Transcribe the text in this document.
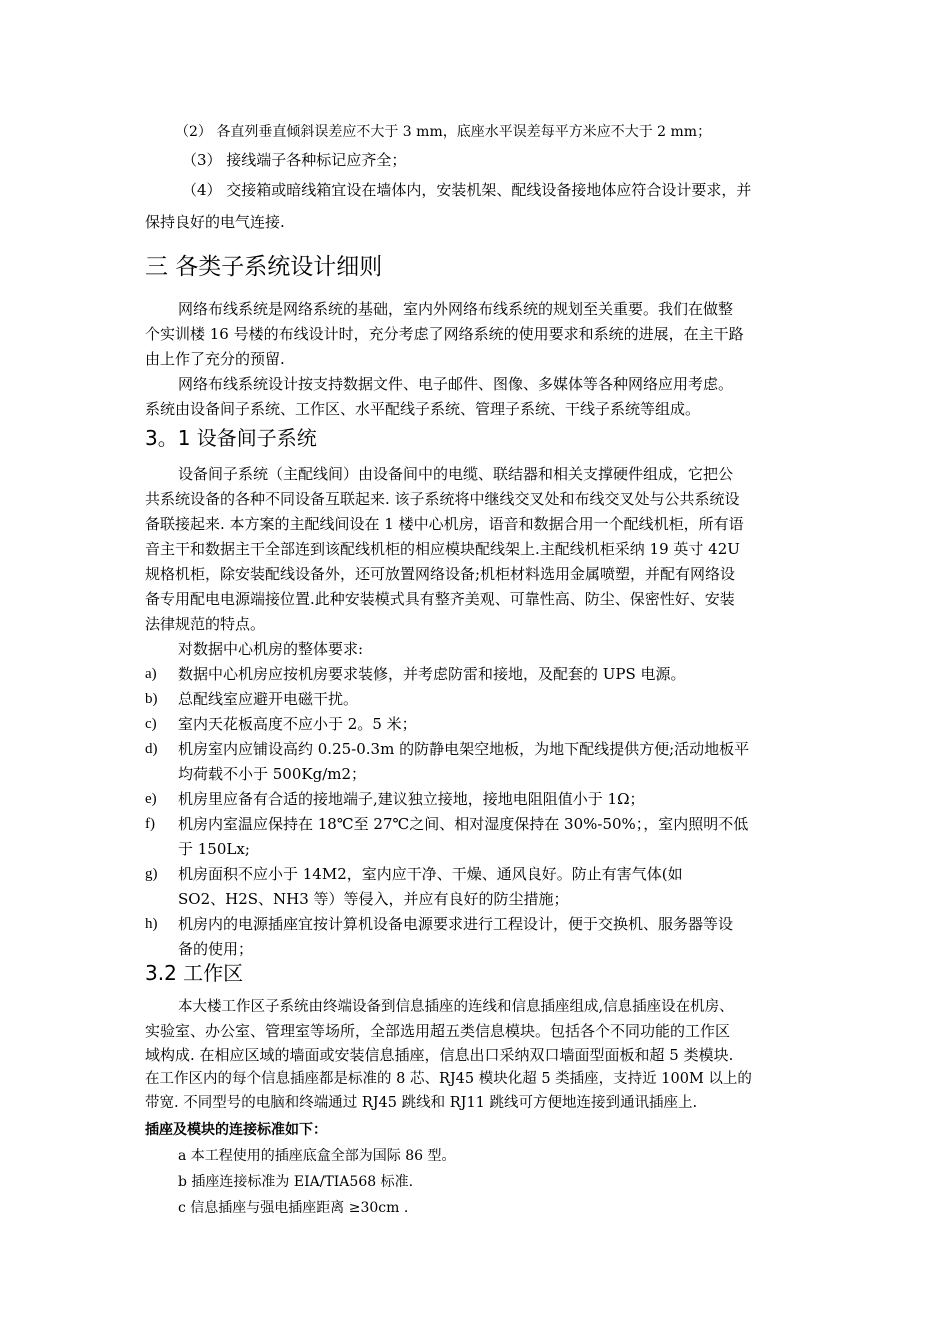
（2） 各直列垂直倾斜误差应不大于 3 mm，底座水平误差每平方米应不大于 2 mm；
（3） 接线端子各种标记应齐全；
（4） 交接箱或暗线箱宜设在墙体内，安装机架、配线设备接地体应符合设计要求，并
保持良好的电气连接.
三 各类子系统设计细则
网络布线系统是网络系统的基础，室内外网络布线系统的规划至关重要。我们在做整
个实训楼 16 号楼的布线设计时，充分考虑了网络系统的使用要求和系统的进展，在主干路
由上作了充分的预留.
网络布线系统设计按支持数据文件、电子邮件、图像、多媒体等各种网络应用考虑。
系统由设备间子系统、工作区、水平配线子系统、管理子系统、干线子系统等组成。
3。1 设备间子系统
设备间子系统（主配线间）由设备间中的电缆、联结器和相关支撑硬件组成，它把公
共系统设备的各种不同设备互联起来. 该子系统将中继线交叉处和布线交叉处与公共系统设
备联接起来. 本方案的主配线间设在 1 楼中心机房，语音和数据合用一个配线机柜，所有语
音主干和数据主干全部连到该配线机柜的相应模块配线架上.主配线机柜采纳 19 英寸 42U
规格机柜，除安装配线设备外，还可放置网络设备;机柜材料选用金属喷塑，并配有网络设
备专用配电电源端接位置.此种安装模式具有整齐美观、可靠性高、防尘、保密性好、安装
法律规范的特点。
对数据中心机房的整体要求:
a) 数据中心机房应按机房要求装修，并考虑防雷和接地，及配套的 UPS 电源。
b) 总配线室应避开电磁干扰。
c) 室内天花板高度不应小于 2。5 米；
d) 机房室内应铺设高约 0.25-0.3m 的防静电架空地板，为地下配线提供方便;活动地板平
均荷载不小于 500Kg/m2；
e) 机房里应备有合适的接地端子,建议独立接地，接地电阻阻值小于 1Ω；
f) 机房内室温应保持在 18℃至 27℃之间、相对湿度保持在 30%-50%；，室内照明不低
于 150Lx;
g) 机房面积不应小于 14M2，室内应干净、干燥、通风良好。防止有害气体(如
SO2、H2S、NH3 等）等侵入，并应有良好的防尘措施；
h) 机房内的电源插座宜按计算机设备电源要求进行工程设计，便于交换机、服务器等设
备的使用；
3.2 工作区
本大楼工作区子系统由终端设备到信息插座的连线和信息插座组成,信息插座设在机房、
实验室、办公室、管理室等场所，全部选用超五类信息模块。包括各个不同功能的工作区
域构成. 在相应区域的墙面或安装信息插座，信息出口采纳双口墙面型面板和超 5 类模块.
在工作区内的每个信息插座都是标准的 8 芯、RJ45 模块化超 5 类插座，支持近 100M 以上的
带宽. 不同型号的电脑和终端通过 RJ45 跳线和 RJ11 跳线可方便地连接到通讯插座上.
插座及模块的连接标准如下：
a 本工程使用的插座底盒全部为国际 86 型。
b 插座连接标准为 EIA/TIA568 标准.
c 信息插座与强电插座距离 ≥30cm .
